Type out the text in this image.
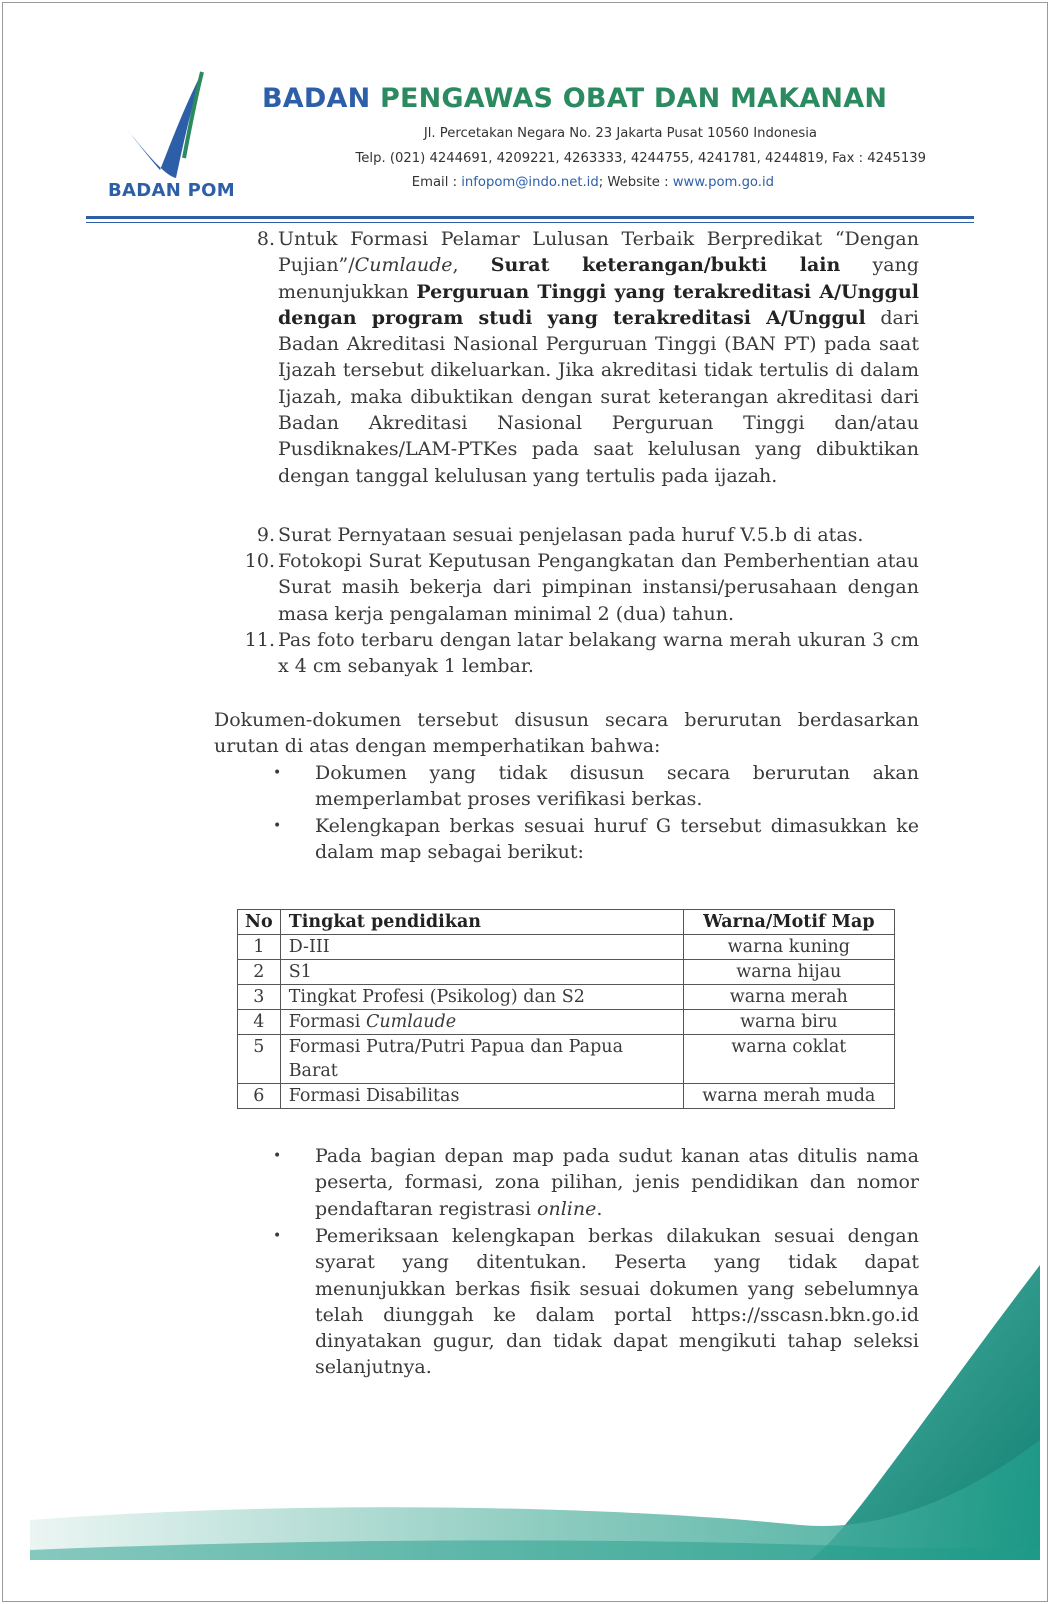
BADAN POM
BADAN PENGAWAS OBAT DAN MAKANAN
Jl. Percetakan Negara No. 23 Jakarta Pusat 10560 Indonesia
Telp. (021) 4244691, 4209221, 4263333, 4244755, 4241781, 4244819, Fax : 4245139
Email : infopom@indo.net.id; Website : www.pom.go.id
8. Untuk Formasi Pelamar Lulusan Terbaik Berpredikat “Dengan Pujian”/Cumlaude, Surat keterangan/bukti lain yang menunjukkan Perguruan Tinggi yang terakreditasi A/Unggul dengan program studi yang terakreditasi A/Unggul dari Badan Akreditasi Nasional Perguruan Tinggi (BAN PT) pada saat Ijazah tersebut dikeluarkan. Jika akreditasi tidak tertulis di dalam Ijazah, maka dibuktikan dengan surat keterangan akreditasi dari Badan Akreditasi Nasional Perguruan Tinggi dan/atau Pusdiknakes/LAM-PTKes pada saat kelulusan yang dibuktikan dengan tanggal kelulusan yang tertulis pada ijazah.
9. Surat Pernyataan sesuai penjelasan pada huruf V.5.b di atas.
10. Fotokopi Surat Keputusan Pengangkatan dan Pemberhentian atau Surat masih bekerja dari pimpinan instansi/perusahaan dengan masa kerja pengalaman minimal 2 (dua) tahun.
11. Pas foto terbaru dengan latar belakang warna merah ukuran 3 cm x 4 cm sebanyak 1 lembar.
Dokumen-dokumen tersebut disusun secara berurutan berdasarkan urutan di atas dengan memperhatikan bahwa:
• Dokumen yang tidak disusun secara berurutan akan memperlambat proses verifikasi berkas.
• Kelengkapan berkas sesuai huruf G tersebut dimasukkan ke dalam map sebagai berikut:
No	Tingkat pendidikan	Warna/Motif Map
1	D-III	warna kuning
2	S1	warna hijau
3	Tingkat Profesi (Psikolog) dan S2	warna merah
4	Formasi Cumlaude	warna biru
5	Formasi Putra/Putri Papua dan Papua Barat	warna coklat
6	Formasi Disabilitas	warna merah muda
• Pada bagian depan map pada sudut kanan atas ditulis nama peserta, formasi, zona pilihan, jenis pendidikan dan nomor pendaftaran registrasi online.
• Pemeriksaan kelengkapan berkas dilakukan sesuai dengan syarat yang ditentukan. Peserta yang tidak dapat menunjukkan berkas fisik sesuai dokumen yang sebelumnya telah diunggah ke dalam portal https://sscasn.bkn.go.id dinyatakan gugur, dan tidak dapat mengikuti tahap seleksi selanjutnya.
